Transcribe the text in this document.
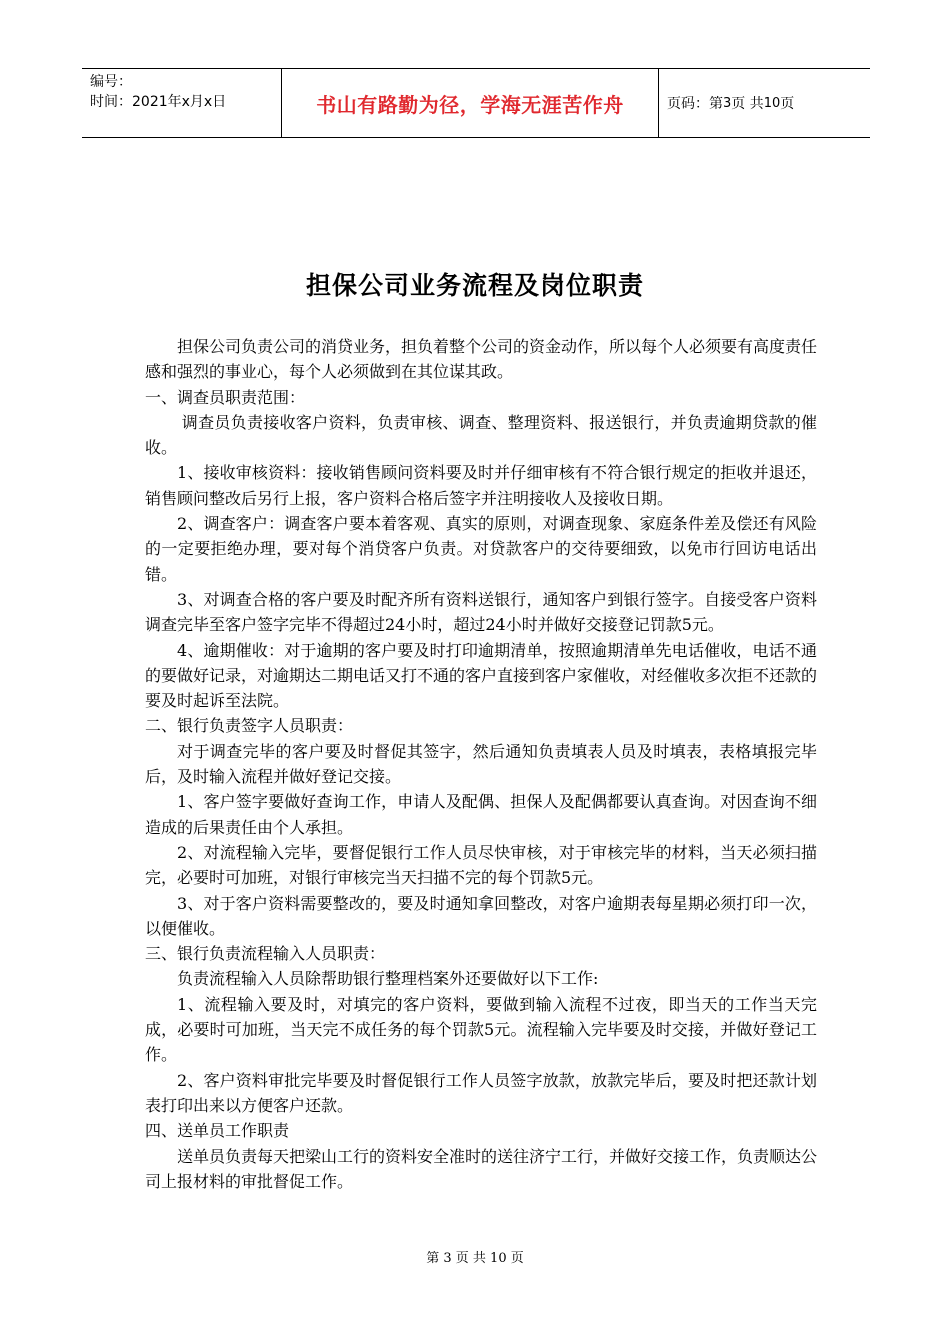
编号：
时间：2021年x月x日	书山有路勤为径，学海无涯苦作舟	页码：第 3 页 共 10 页
担保公司业务流程及岗位职责

担保公司负责公司的消贷业务，担负着整个公司的资金动作，所以每个人必须要有高度责任感和强烈的事业心，每个人必须做到在其位谋其政。

一、调查员职责范围：

调查员负责接收客户资料，负责审核、调查、整理资料、报送银行，并负责逾期贷款的催收。

1、接收审核资料：接收销售顾问资料要及时并仔细审核有不符合银行规定的拒收并退还，销售顾问整改后另行上报，客户资料合格后签字并注明接收人及接收日期。

2、调查客户：调查客户要本着客观、真实的原则，对调查现象、家庭条件差及偿还有风险的一定要拒绝办理，要对每个消贷客户负责。对贷款客户的交待要细致，以免市行回访电话出错。

3、对调查合格的客户要及时配齐所有资料送银行，通知客户到银行签字。自接受客户资料调查完毕至客户签字完毕不得超过24小时，超过24小时并做好交接登记罚款5元。

4、逾期催收：对于逾期的客户要及时打印逾期清单，按照逾期清单先电话催收，电话不通的要做好记录，对逾期达二期电话又打不通的客户直接到客户家催收，对经催收多次拒不还款的要及时起诉至法院。

二、银行负责签字人员职责：

对于调查完毕的客户要及时督促其签字，然后通知负责填表人员及时填表，表格填报完毕后，及时输入流程并做好登记交接。

1、客户签字要做好查询工作，申请人及配偶、担保人及配偶都要认真查询。对因查询不细造成的后果责任由个人承担。

2、对流程输入完毕，要督促银行工作人员尽快审核，对于审核完毕的材料，当天必须扫描完，必要时可加班，对银行审核完当天扫描不完的每个罚款5元。

3、对于客户资料需要整改的，要及时通知拿回整改，对客户逾期表每星期必须打印一次，以便催收。

三、银行负责流程输入人员职责：

负责流程输入人员除帮助银行整理档案外还要做好以下工作:

1、流程输入要及时，对填完的客户资料，要做到输入流程不过夜，即当天的工作当天完成，必要时可加班，当天完不成任务的每个罚款5元。流程输入完毕要及时交接，并做好登记工作。

2、客户资料审批完毕要及时督促银行工作人员签字放款，放款完毕后，要及时把还款计划表打印出来以方便客户还款。

四、送单员工作职责

送单员负责每天把梁山工行的资料安全准时的送往济宁工行，并做好交接工作，负责顺达公司上报材料的审批督促工作。

第 3 页 共 10 页
